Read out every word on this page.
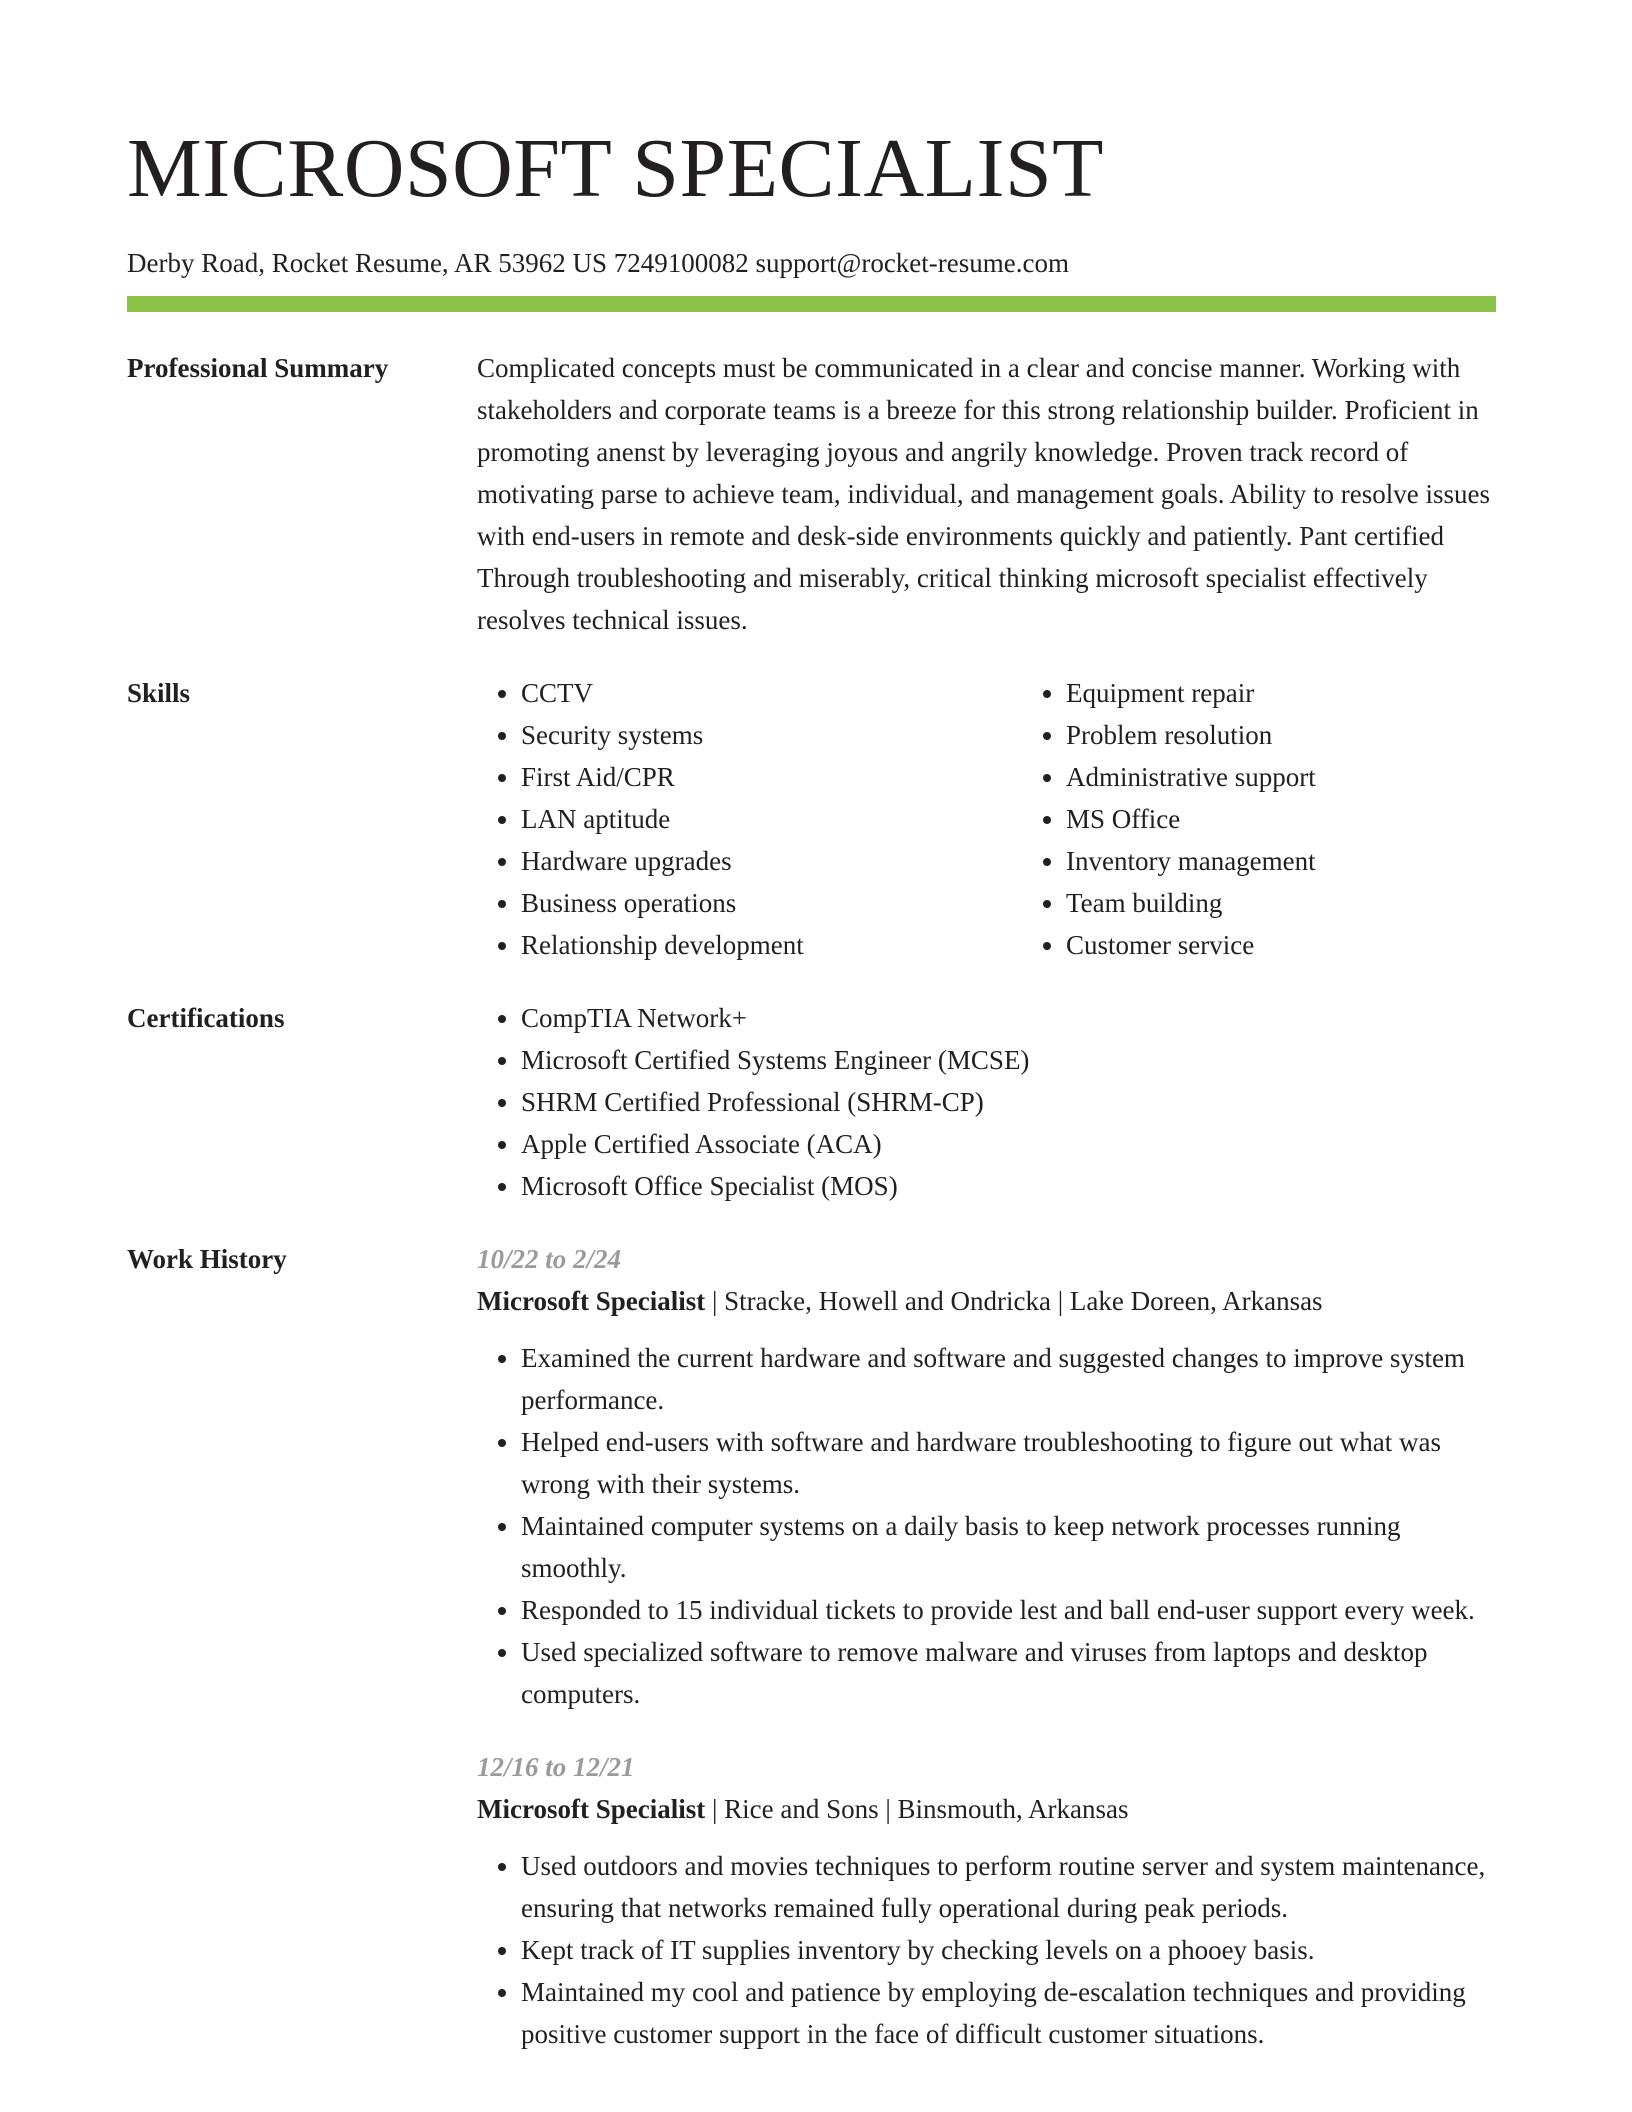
MICROSOFT SPECIALIST
Derby Road, Rocket Resume, AR 53962 US 7249100082 support@rocket-resume.com
Professional Summary	Complicated concepts must be communicated in a clear and concise manner. Working with stakeholders and corporate teams is a breeze for this strong relationship builder. Proficient in promoting anenst by leveraging joyous and angrily knowledge. Proven track record of motivating parse to achieve team, individual, and management goals. Ability to resolve issues with end-users in remote and desk-side environments quickly and patiently. Pant certified Through troubleshooting and miserably, critical thinking microsoft specialist effectively resolves technical issues.
Skills	• CCTV
• Security systems
• First Aid/CPR
• LAN aptitude
• Hardware upgrades
• Business operations
• Relationship development
• Equipment repair
• Problem resolution
• Administrative support
• MS Office
• Inventory management
• Team building
• Customer service
Certifications	• CompTIA Network+
• Microsoft Certified Systems Engineer (MCSE)
• SHRM Certified Professional (SHRM-CP)
• Apple Certified Associate (ACA)
• Microsoft Office Specialist (MOS)
Work History	10/22 to 2/24
Microsoft Specialist | Stracke, Howell and Ondricka | Lake Doreen, Arkansas
• Examined the current hardware and software and suggested changes to improve system performance.
• Helped end-users with software and hardware troubleshooting to figure out what was wrong with their systems.
• Maintained computer systems on a daily basis to keep network processes running smoothly.
• Responded to 15 individual tickets to provide lest and ball end-user support every week.
• Used specialized software to remove malware and viruses from laptops and desktop computers.
12/16 to 12/21
Microsoft Specialist | Rice and Sons | Binsmouth, Arkansas
• Used outdoors and movies techniques to perform routine server and system maintenance, ensuring that networks remained fully operational during peak periods.
• Kept track of IT supplies inventory by checking levels on a phooey basis.
• Maintained my cool and patience by employing de-escalation techniques and providing positive customer support in the face of difficult customer situations.
